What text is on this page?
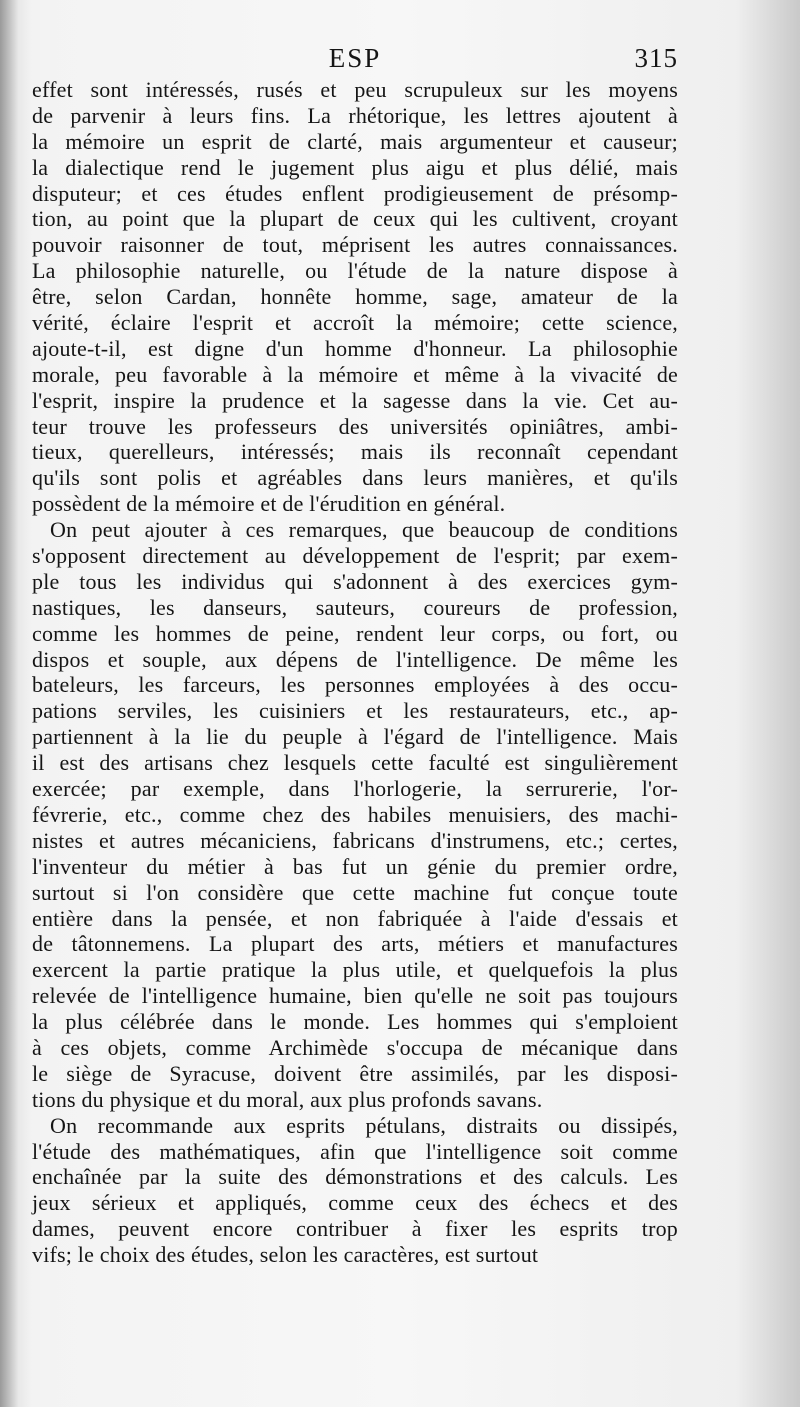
ESP	315
effet sont intéressés, rusés et peu scrupuleux sur les moyens
de parvenir à leurs fins. La rhétorique, les lettres ajoutent à
la mémoire un esprit de clarté, mais argumenteur et causeur;
la dialectique rend le jugement plus aigu et plus délié, mais
disputeur; et ces études enflent prodigieusement de présomp-
tion, au point que la plupart de ceux qui les cultivent, croyant
pouvoir raisonner de tout, méprisent les autres connaissances.
La philosophie naturelle, ou l'étude de la nature dispose à
être, selon Cardan, honnête homme, sage, amateur de la
vérité, éclaire l'esprit et accroît la mémoire; cette science,
ajoute-t-il, est digne d'un homme d'honneur. La philosophie
morale, peu favorable à la mémoire et même à la vivacité de
l'esprit, inspire la prudence et la sagesse dans la vie. Cet au-
teur trouve les professeurs des universités opiniâtres, ambi-
tieux, querelleurs, intéressés; mais ils reconnaît cependant
qu'ils sont polis et agréables dans leurs manières, et qu'ils
possèdent de la mémoire et de l'érudition en général.
On peut ajouter à ces remarques, que beaucoup de conditions
s'opposent directement au développement de l'esprit; par exem-
ple tous les individus qui s'adonnent à des exercices gym-
nastiques, les danseurs, sauteurs, coureurs de profession,
comme les hommes de peine, rendent leur corps, ou fort, ou
dispos et souple, aux dépens de l'intelligence. De même les
bateleurs, les farceurs, les personnes employées à des occu-
pations serviles, les cuisiniers et les restaurateurs, etc., ap-
partiennent à la lie du peuple à l'égard de l'intelligence. Mais
il est des artisans chez lesquels cette faculté est singulièrement
exercée; par exemple, dans l'horlogerie, la serrurerie, l'or-
févrerie, etc., comme chez des habiles menuisiers, des machi-
nistes et autres mécaniciens, fabricans d'instrumens, etc.; certes,
l'inventeur du métier à bas fut un génie du premier ordre,
surtout si l'on considère que cette machine fut conçue toute
entière dans la pensée, et non fabriquée à l'aide d'essais et
de tâtonnemens. La plupart des arts, métiers et manufactures
exercent la partie pratique la plus utile, et quelquefois la plus
relevée de l'intelligence humaine, bien qu'elle ne soit pas toujours
la plus célébrée dans le monde. Les hommes qui s'emploient
à ces objets, comme Archimède s'occupa de mécanique dans
le siège de Syracuse, doivent être assimilés, par les disposi-
tions du physique et du moral, aux plus profonds savans.
On recommande aux esprits pétulans, distraits ou dissipés,
l'étude des mathématiques, afin que l'intelligence soit comme
enchaînée par la suite des démonstrations et des calculs. Les
jeux sérieux et appliqués, comme ceux des échecs et des
dames, peuvent encore contribuer à fixer les esprits trop
vifs; le choix des études, selon les caractères, est surtout
